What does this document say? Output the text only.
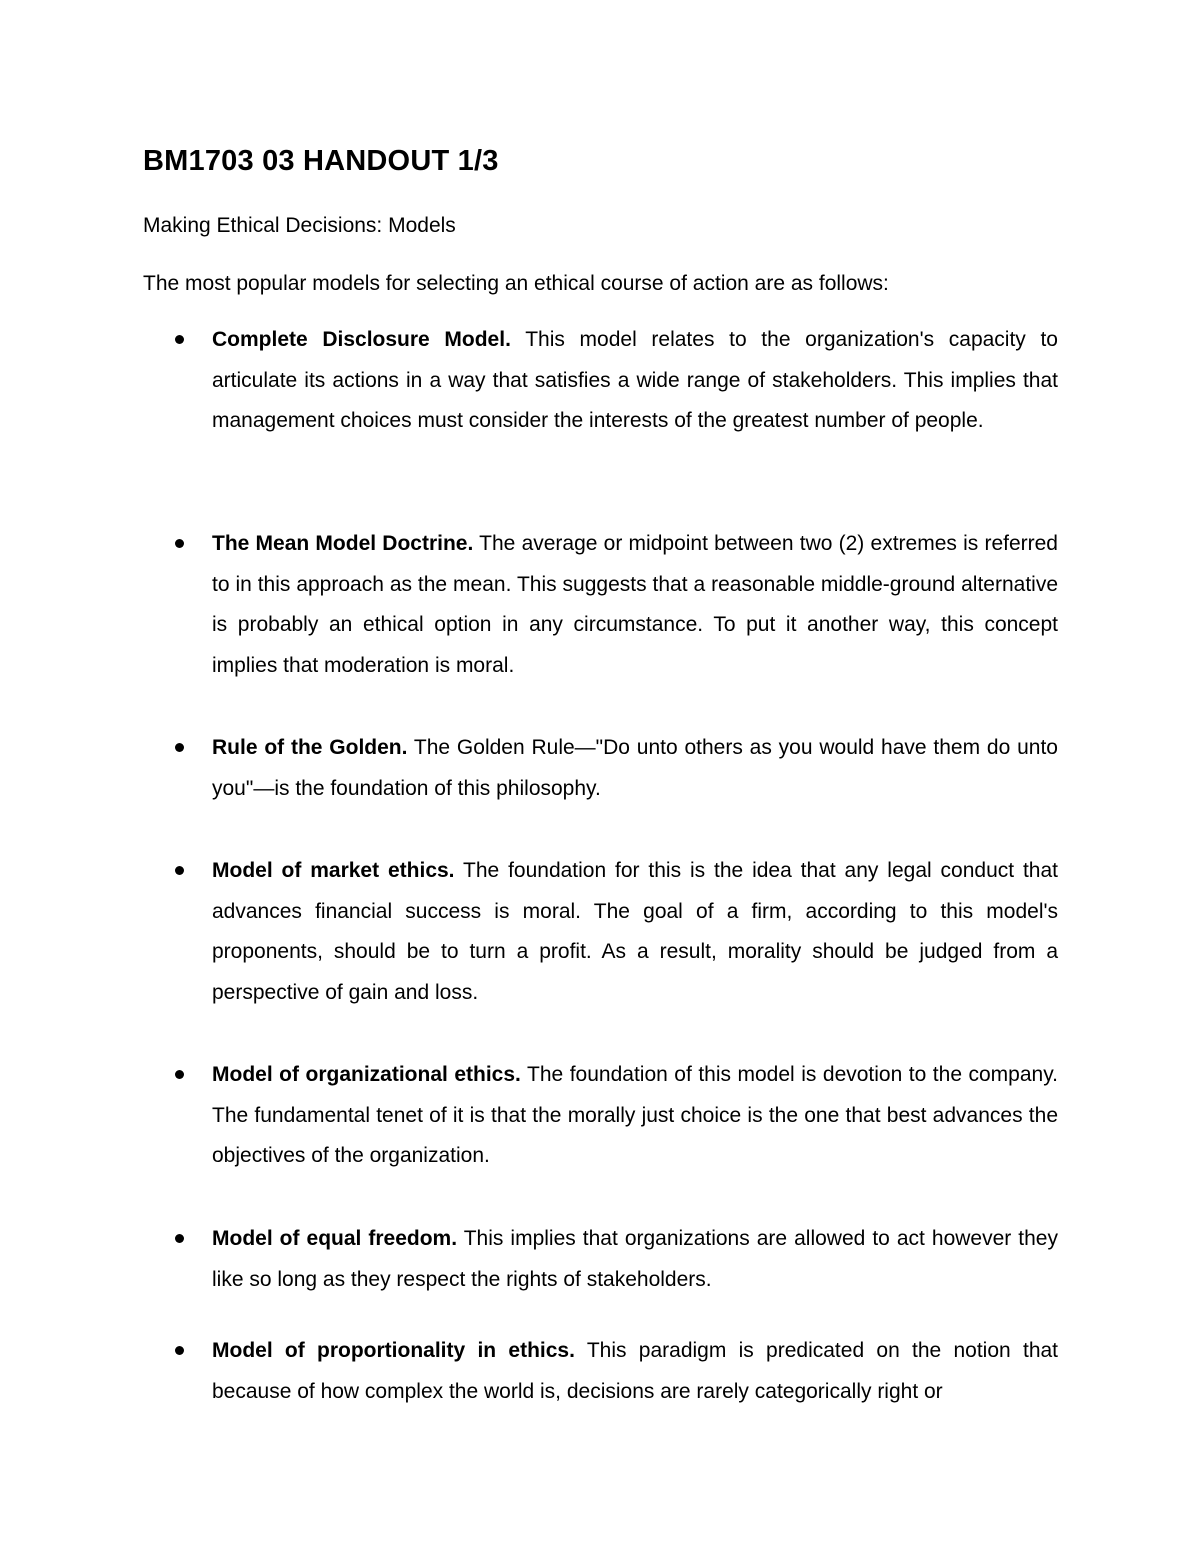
BM1703 03 HANDOUT 1/3

Making Ethical Decisions: Models

The most popular models for selecting an ethical course of action are as follows:

Complete Disclosure Model. This model relates to the organization's capacity to articulate its actions in a way that satisfies a wide range of stakeholders. This implies that management choices must consider the interests of the greatest number of people.
The Mean Model Doctrine. The average or midpoint between two (2) extremes is referred to in this approach as the mean. This suggests that a reasonable middle-ground alternative is probably an ethical option in any circumstance. To put it another way, this concept implies that moderation is moral.
Rule of the Golden. The Golden Rule—"Do unto others as you would have them do unto you"—is the foundation of this philosophy.
Model of market ethics. The foundation for this is the idea that any legal conduct that advances financial success is moral. The goal of a firm, according to this model's proponents, should be to turn a profit. As a result, morality should be judged from a perspective of gain and loss.
Model of organizational ethics. The foundation of this model is devotion to the company. The fundamental tenet of it is that the morally just choice is the one that best advances the objectives of the organization.
Model of equal freedom. This implies that organizations are allowed to act however they like so long as they respect the rights of stakeholders.
Model of proportionality in ethics. This paradigm is predicated on the notion that because of how complex the world is, decisions are rarely categorically right or
